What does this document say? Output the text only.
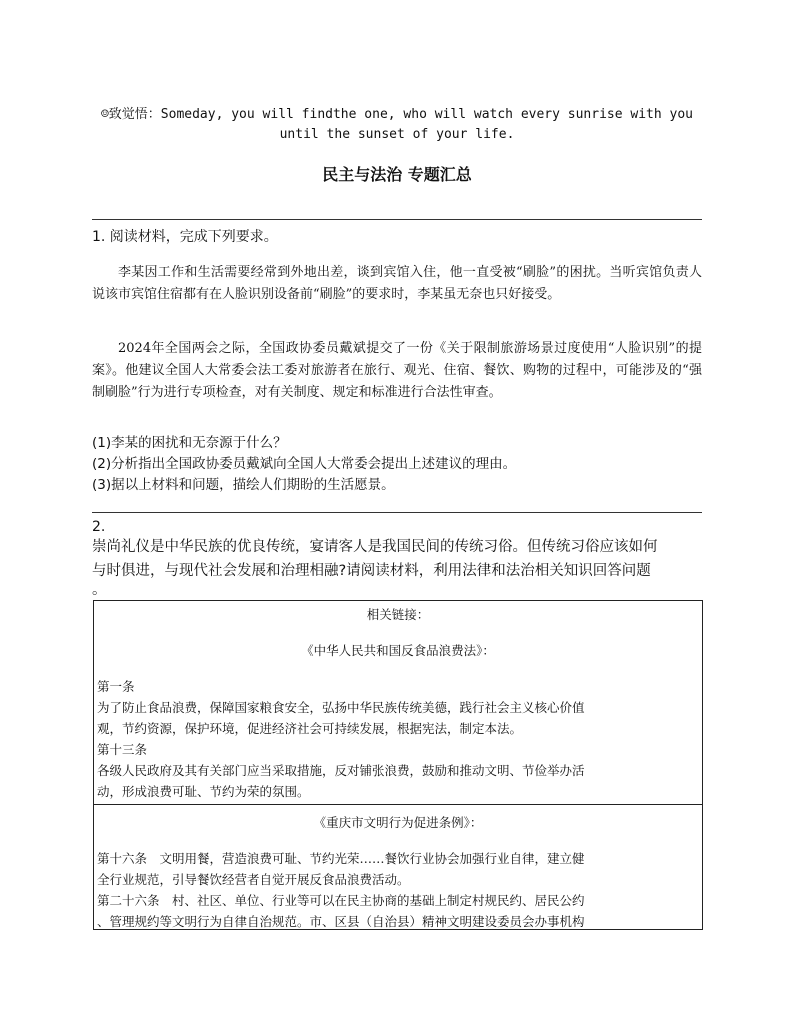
☺致觉悟：Someday, you will findthe one, who will watch every sunrise with you
until the sunset of your life.
民主与法治 专题汇总
1. 阅读材料，完成下列要求。
李某因工作和生活需要经常到外地出差，谈到宾馆入住，他一直受被“刷脸”的困扰。当听宾馆负责人说该市宾馆住宿都有在人脸识别设备前“刷脸”的要求时，李某虽无奈也只好接受。
2024年全国两会之际，全国政协委员戴斌提交了一份《关于限制旅游场景过度使用“人脸识别”的提案》。他建议全国人大常委会法工委对旅游者在旅行、观光、住宿、餐饮、购物的过程中，可能涉及的“强制刷脸”行为进行专项检查，对有关制度、规定和标准进行合法性审查。
(1)李某的困扰和无奈源于什么？
(2)分析指出全国政协委员戴斌向全国人大常委会提出上述建议的理由。
(3)据以上材料和问题，描绘人们期盼的生活愿景。
2.
崇尚礼仪是中华民族的优良传统，宴请客人是我国民间的传统习俗。但传统习俗应该如何
与时俱进，与现代社会发展和治理相融?请阅读材料，利用法律和法治相关知识回答问题
。
相关链接：
《中华人民共和国反食品浪费法》：
第一条
为了防止食品浪费，保障国家粮食安全，弘扬中华民族传统美德，践行社会主义核心价值
观，节约资源，保护环境，促进经济社会可持续发展，根据宪法，制定本法。
第十三条
各级人民政府及其有关部门应当采取措施，反对铺张浪费，鼓励和推动文明、节俭举办活
动，形成浪费可耻、节约为荣的氛围。
《重庆市文明行为促进条例》：
第十六条　文明用餐，营造浪费可耻、节约光荣……餐饮行业协会加强行业自律，建立健
全行业规范，引导餐饮经营者自觉开展反食品浪费活动。
第二十六条　村、社区、单位、行业等可以在民主协商的基础上制定村规民约、居民公约
、管理规约等文明行为自律自治规范。市、区县（自治县）精神文明建设委员会办事机构
